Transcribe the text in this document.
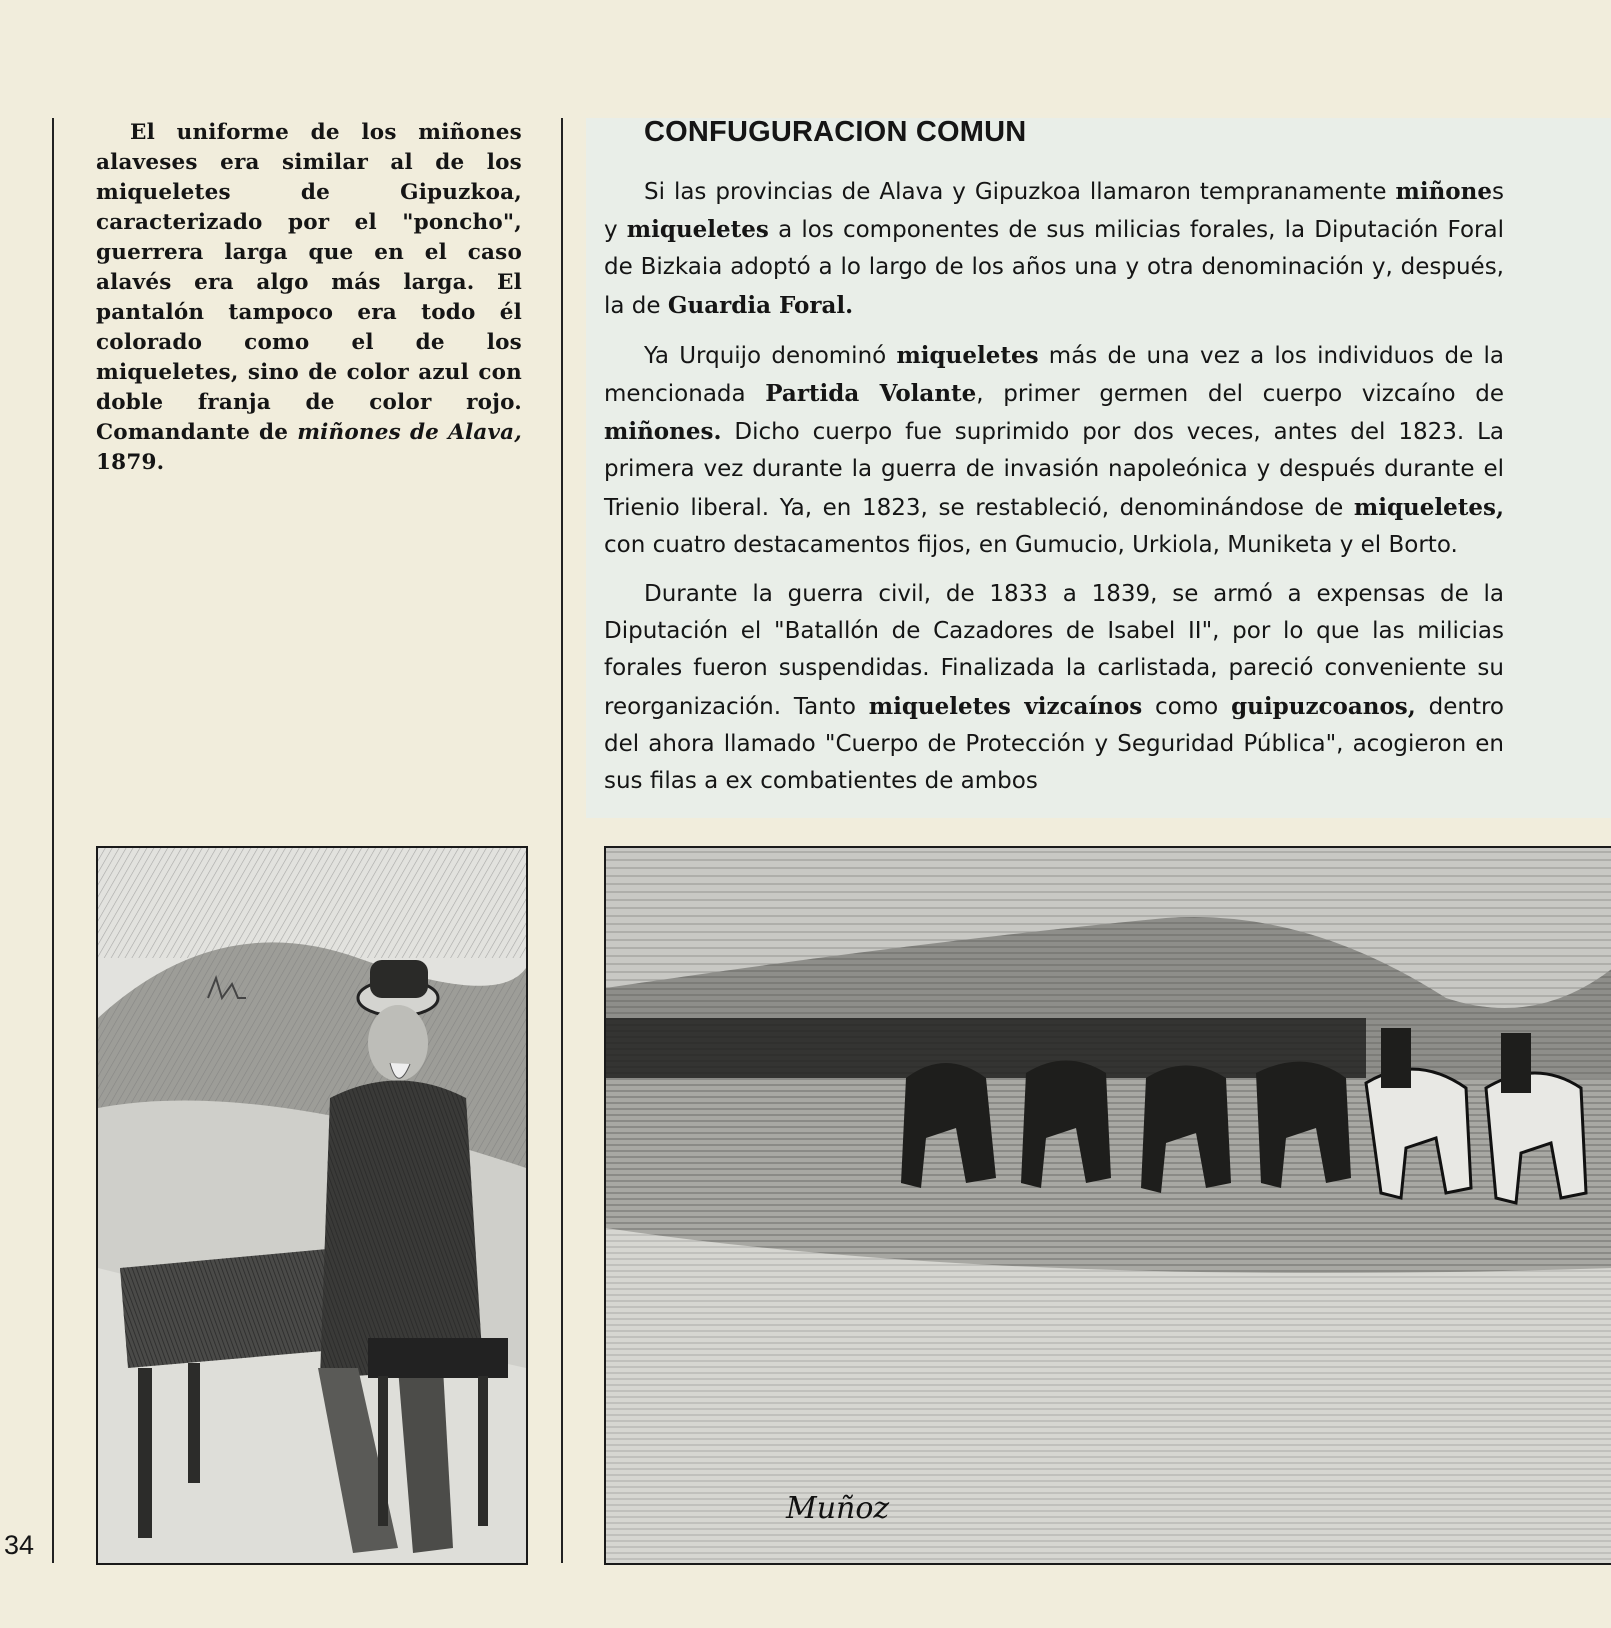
El uniforme de los miñones alaveses era similar al de los miqueletes de Gipuzkoa, caracterizado por el "poncho", guerrera larga que en el caso alavés era algo más larga. El pantalón tampoco era todo él colorado como el de los miqueletes, sino de color azul con doble franja de color rojo. Comandante de miñones de Alava, 1879.

CONFUGURACION COMUN

Si las provincias de Alava y Gipuzkoa llamaron tempranamente miñones y miqueletes a los componentes de sus milicias forales, la Diputación Foral de Bizkaia adoptó a lo largo de los años una y otra denominación y, después, la de Guardia Foral.

Ya Urquijo denominó miqueletes más de una vez a los individuos de la mencionada Partida Volante, primer germen del cuerpo vizcaíno de miñones. Dicho cuerpo fue suprimido por dos veces, antes del 1823. La primera vez durante la guerra de invasión napoleónica y después durante el Trienio liberal. Ya, en 1823, se restableció, denominándose de miqueletes, con cuatro destacamentos fijos, en Gumucio, Urkiola, Muniketa y el Borto.

Durante la guerra civil, de 1833 a 1839, se armó a expensas de la Diputación el "Batallón de Cazadores de Isabel II", por lo que las milicias forales fueron suspendidas. Finalizada la carlistada, pareció conveniente su reorganización. Tanto miqueletes vizcaínos como guipuzcoanos, dentro del ahora llamado "Cuerpo de Protección y Seguridad Pública", acogieron en sus filas a ex combatientes de ambos

Muñoz
34
